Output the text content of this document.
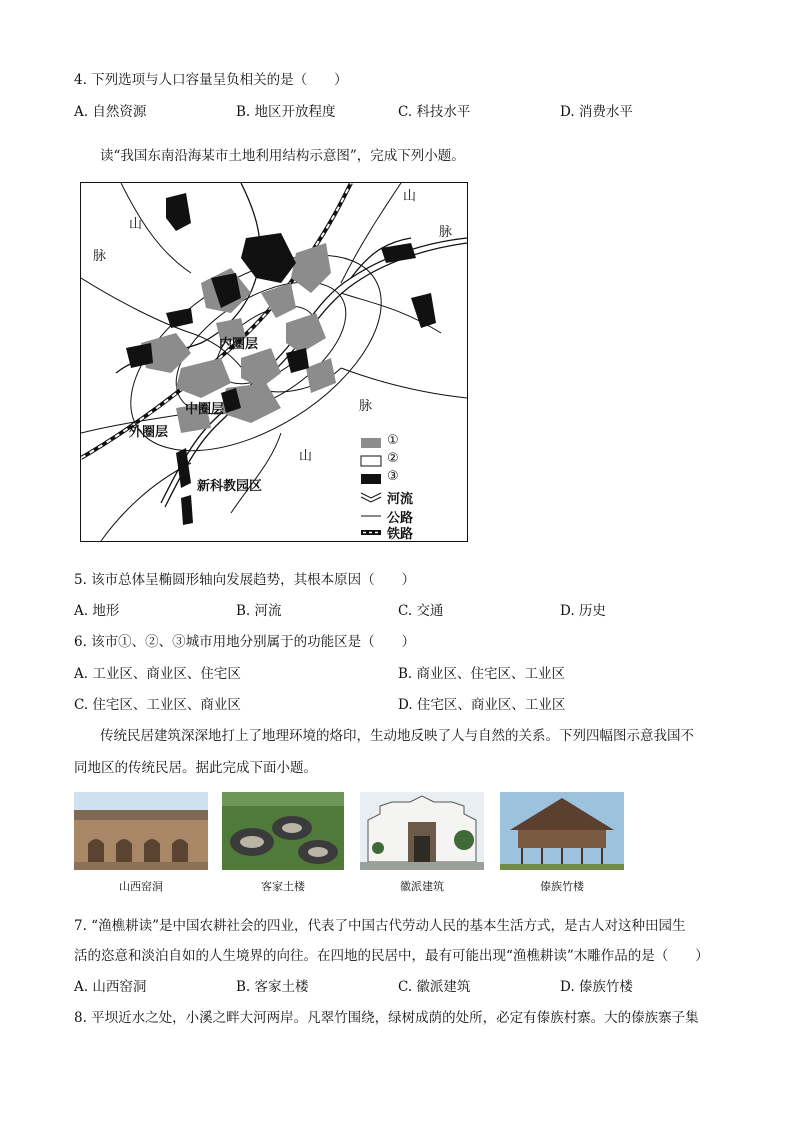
4. 下列选项与人口容量呈负相关的是（　　）
A. 自然资源	B. 地区开放程度	C. 科技水平	D. 消费水平
读“我国东南沿海某市土地利用结构示意图”，完成下列小题。
山
脉
山
脉
脉
山
内圈层
中圈层
外圈层
新科教园区
①
②
③
河流
公路
铁路
5. 该市总体呈椭圆形轴向发展趋势，其根本原因（　　）
A. 地形	B. 河流	C. 交通	D. 历史
6. 该市①、②、③城市用地分别属于的功能区是（　　）
A. 工业区、商业区、住宅区	B. 商业区、住宅区、工业区
C. 住宅区、工业区、商业区	D. 住宅区、商业区、工业区
传统民居建筑深深地打上了地理环境的烙印，生动地反映了人与自然的关系。下列四幅图示意我国不
同地区的传统民居。据此完成下面小题。
山西窑洞	客家土楼	徽派建筑	傣族竹楼
7. “渔樵耕读”是中国农耕社会的四业，代表了中国古代劳动人民的基本生活方式，是古人对这种田园生
活的恣意和淡泊自如的人生境界的向往。在四地的民居中，最有可能出现“渔樵耕读”木雕作品的是（　　）
A. 山西窑洞	B. 客家土楼	C. 徽派建筑	D. 傣族竹楼
8. 平坝近水之处，小溪之畔大河两岸。凡翠竹围绕，绿树成荫的处所，必定有傣族村寨。大的傣族寨子集
